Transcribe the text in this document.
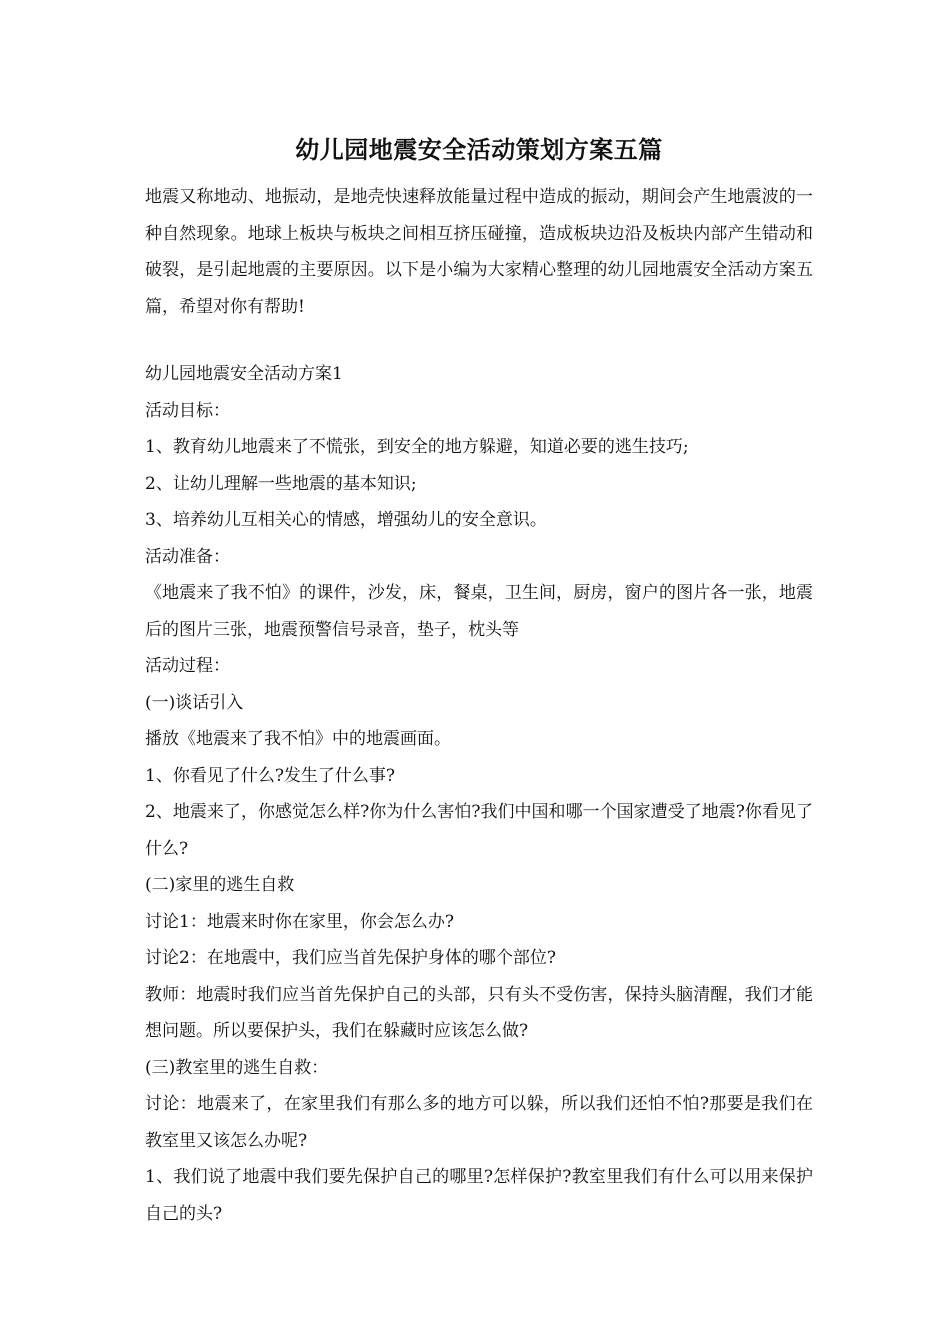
幼儿园地震安全活动策划方案五篇

地震又称地动、地振动，是地壳快速释放能量过程中造成的振动，期间会产生地震波的一种自然现象。地球上板块与板块之间相互挤压碰撞，造成板块边沿及板块内部产生错动和破裂，是引起地震的主要原因。以下是小编为大家精心整理的幼儿园地震安全活动方案五篇，希望对你有帮助!

幼儿园地震安全活动方案1

活动目标：

1、教育幼儿地震来了不慌张，到安全的地方躲避，知道必要的逃生技巧;

2、让幼儿理解一些地震的基本知识;

3、培养幼儿互相关心的情感，增强幼儿的安全意识。

活动准备：

《地震来了我不怕》的课件，沙发，床，餐桌，卫生间，厨房，窗户的图片各一张，地震后的图片三张，地震预警信号录音，垫子，枕头等

活动过程：

(一)谈话引入

播放《地震来了我不怕》中的地震画面。

1、你看见了什么?发生了什么事?

2、地震来了，你感觉怎么样?你为什么害怕?我们中国和哪一个国家遭受了地震?你看见了什么?

(二)家里的逃生自救

讨论1：地震来时你在家里，你会怎么办?

讨论2：在地震中，我们应当首先保护身体的哪个部位?

教师：地震时我们应当首先保护自己的头部，只有头不受伤害，保持头脑清醒，我们才能想问题。所以要保护头，我们在躲藏时应该怎么做?

(三)教室里的逃生自救：

讨论：地震来了，在家里我们有那么多的地方可以躲，所以我们还怕不怕?那要是我们在教室里又该怎么办呢?

1、我们说了地震中我们要先保护自己的哪里?怎样保护?教室里我们有什么可以用来保护自己的头?
